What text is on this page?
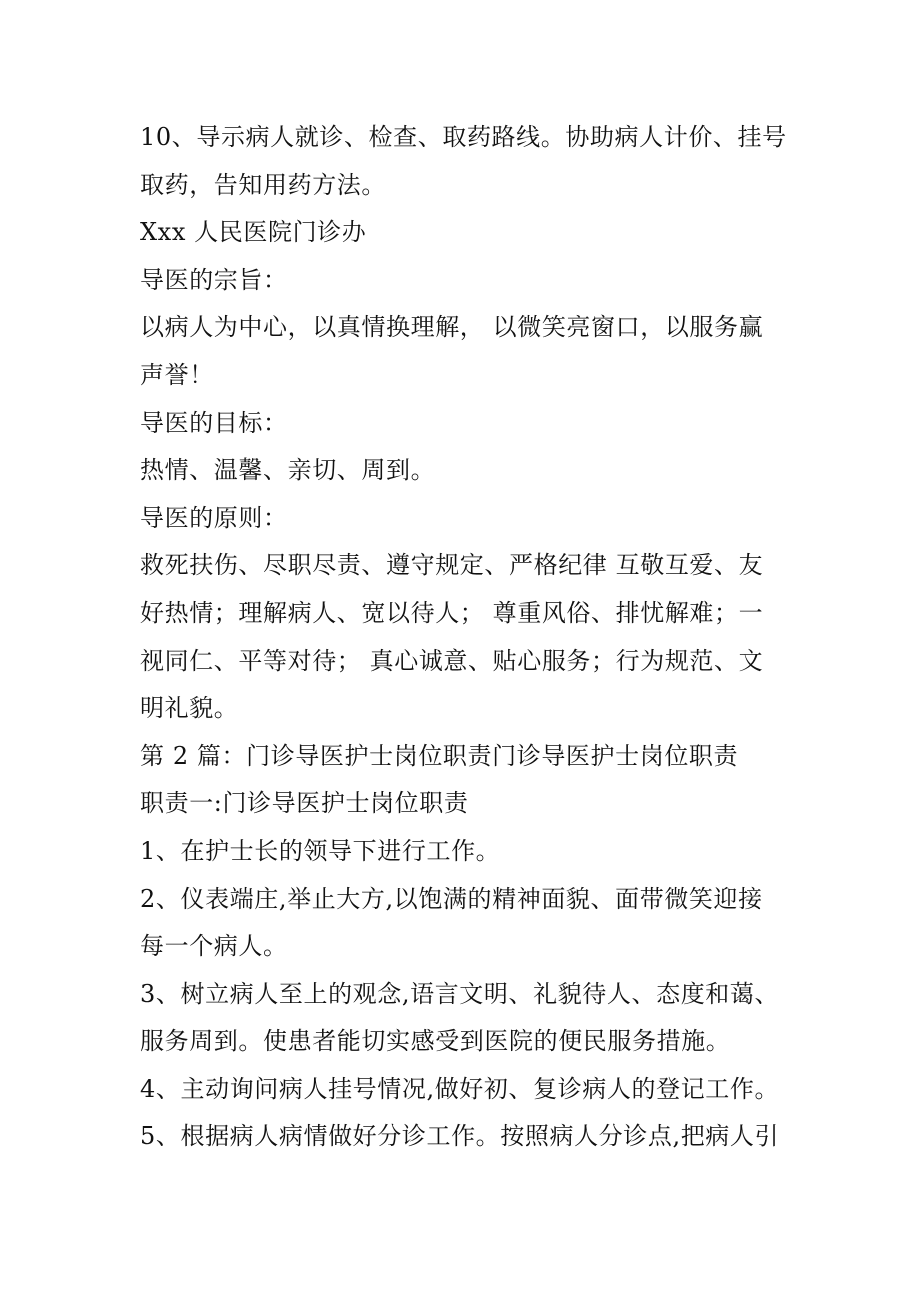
10、导示病人就诊、检查、取药路线。协助病人计价、挂号
取药，告知用药方法。
Xxx 人民医院门诊办
导医的宗旨：
以病人为中心，以真情换理解， 以微笑亮窗口，以服务赢
声誉！
导医的目标：
热情、温馨、亲切、周到。
导医的原则：
救死扶伤、尽职尽责、遵守规定、严格纪律 互敬互爱、友
好热情；理解病人、宽以待人； 尊重风俗、排忧解难；一
视同仁、平等对待； 真心诚意、贴心服务；行为规范、文
明礼貌。
第 2 篇：门诊导医护士岗位职责门诊导医护士岗位职责
职责一:门诊导医护士岗位职责
1、在护士长的领导下进行工作。
2、仪表端庄,举止大方,以饱满的精神面貌、面带微笑迎接
每一个病人。
3、树立病人至上的观念,语言文明、礼貌待人、态度和蔼、
服务周到。使患者能切实感受到医院的便民服务措施。
4、主动询问病人挂号情况,做好初、复诊病人的登记工作。
5、根据病人病情做好分诊工作。按照病人分诊点,把病人引
